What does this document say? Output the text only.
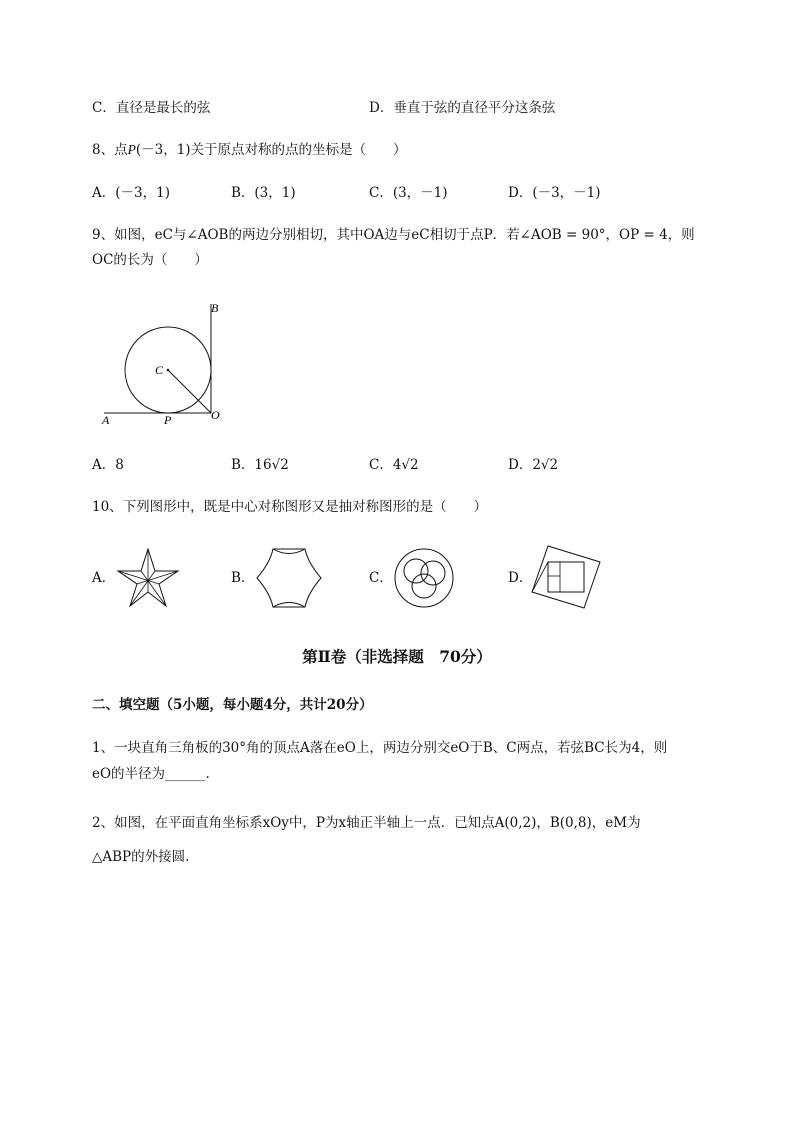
C．直径是最长的弦	D．垂直于弦的直径平分这条弦
8、点P(－3，1)关于原点对称的点的坐标是（　　）
A．(－3，1)	B．(3，1)	C．(3，－1)	D．(－3，－1)
9、如图，eC与∠AOB的两边分别相切，其中OA边与eC相切于点P．若∠AOB = 90°，OP = 4，则
OC的长为（　　）
B
C
A	P	O
A．8	B．16√2	C．4√2	D．2√2
10、下列图形中，既是中心对称图形又是抽对称图形的是（　　）
A．	B．	C．	D．
第Ⅱ卷（非选择题　70分）
二、填空题（5小题，每小题4分，共计20分）
1、一块直角三角板的30°角的顶点A落在eO上，两边分别交eO于B、C两点，若弦BC长为4，则
eO的半径为______.
2、如图，在平面直角坐标系xOy中，P为x轴正半轴上一点．已知点A(0,2)，B(0,8)，eM为
△ABP的外接圆.
